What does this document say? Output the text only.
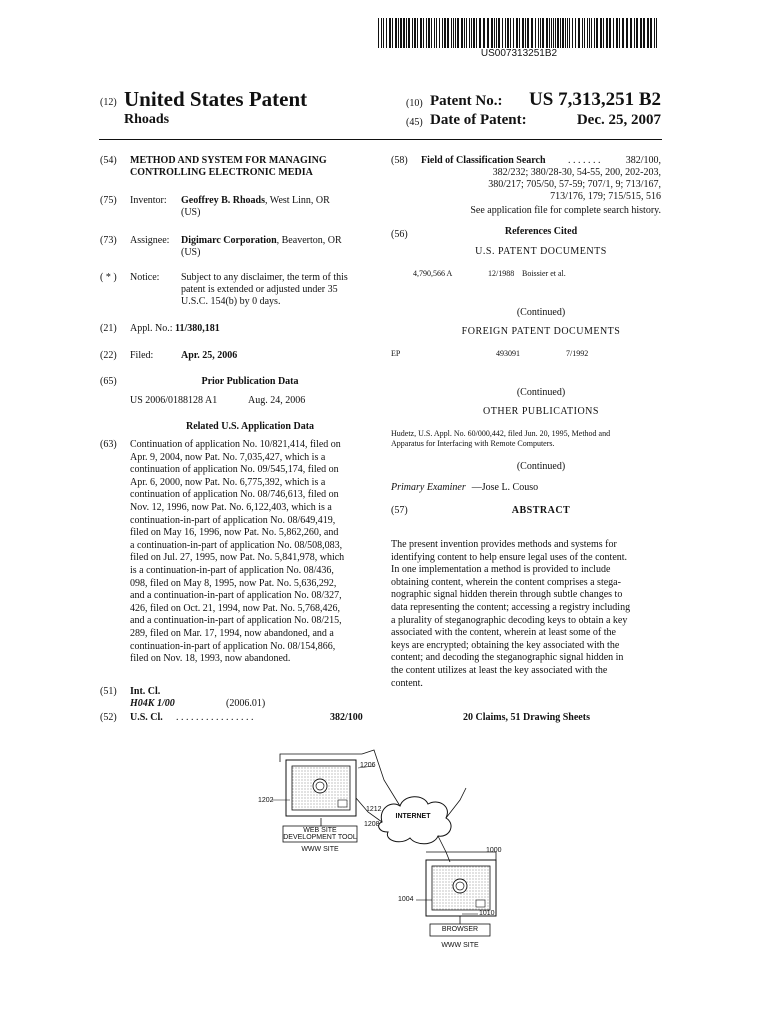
US007313251B2
(12) United States Patent
Rhoads
(10) Patent No.:	US 7,313,251 B2
(45) Date of Patent:	Dec. 25, 2007
(54) METHOD AND SYSTEM FOR MANAGING
CONTROLLING ELECTRONIC MEDIA
(75) Inventor: Geoffrey B. Rhoads, West Linn, OR
(US)
(73) Assignee: Digimarc Corporation, Beaverton, OR
(US)
( * ) Notice: Subject to any disclaimer, the term of this
patent is extended or adjusted under 35
U.S.C. 154(b) by 0 days.
(21) Appl. No.: 11/380,181
(22) Filed:	Apr. 25, 2006
(65)	Prior Publication Data
US 2006/0188128 A1	Aug. 24, 2006
Related U.S. Application Data
(63) Continuation of application No. 10/821,414, filed on
Apr. 9, 2004, now Pat. No. 7,035,427, which is a
continuation of application No. 09/545,174, filed on
Apr. 6, 2000, now Pat. No. 6,775,392, which is a
continuation of application No. 08/746,613, filed on
Nov. 12, 1996, now Pat. No. 6,122,403, which is a
continuation-in-part of application No. 08/649,419,
filed on May 16, 1996, now Pat. No. 5,862,260, and
a continuation-in-part of application No. 08/508,083,
filed on Jul. 27, 1995, now Pat. No. 5,841,978, which
is a continuation-in-part of application No. 08/436,
098, filed on May 8, 1995, now Pat. No. 5,636,292,
and a continuation-in-part of application No. 08/327,
426, filed on Oct. 21, 1994, now Pat. No. 5,768,426,
and a continuation-in-part of application No. 08/215,
289, filed on Mar. 17, 1994, now abandoned, and a
continuation-in-part of application No. 08/154,866,
filed on Nov. 18, 1993, now abandoned.
(51) Int. Cl.
H04K 1/00	(2006.01)
(52) U.S. Cl. . . . . . . . . . . . . . . . .	382/100
(58) Field of Classification Search . . . . . . .	382/100,
382/232; 380/28-30, 54-55, 200, 202-203,
380/217; 705/50, 57-59; 707/1, 9; 713/167,
713/176, 179; 715/515, 516
See application file for complete search history.
(56)	References Cited
U.S. PATENT DOCUMENTS
4,790,566 A	12/1988 Boissier et al.
(Continued)
FOREIGN PATENT DOCUMENTS
EP	493091	7/1992
(Continued)
OTHER PUBLICATIONS
Hudetz, U.S. Appl. No. 60/000,442, filed Jun. 20, 1995, Method and
Apparatus for Interfacing with Remote Computers.
(Continued)
Primary Examiner —Jose L. Couso
(57)	ABSTRACT
The present invention provides methods and systems for
identifying content to help ensure legal uses of the content.
In one implementation a method is provided to include
obtaining content, wherein the content comprises a stega-
nographic signal hidden therein through subtle changes to
data representing the content; accessing a registry including
a plurality of steganographic decoding keys to obtain a key
associated with the content, wherein at least some of the
keys are encrypted; obtaining the key associated with the
content; and decoding the steganographic signal hidden in
the content utilizes at least the key associated with the
content.
20 Claims, 51 Drawing Sheets
1206
1202
1212
1208
WEB SITE
DEVELOPMENT TOOL
WWW SITE
INTERNET
1000
1004
1010
BROWSER
WWW SITE
